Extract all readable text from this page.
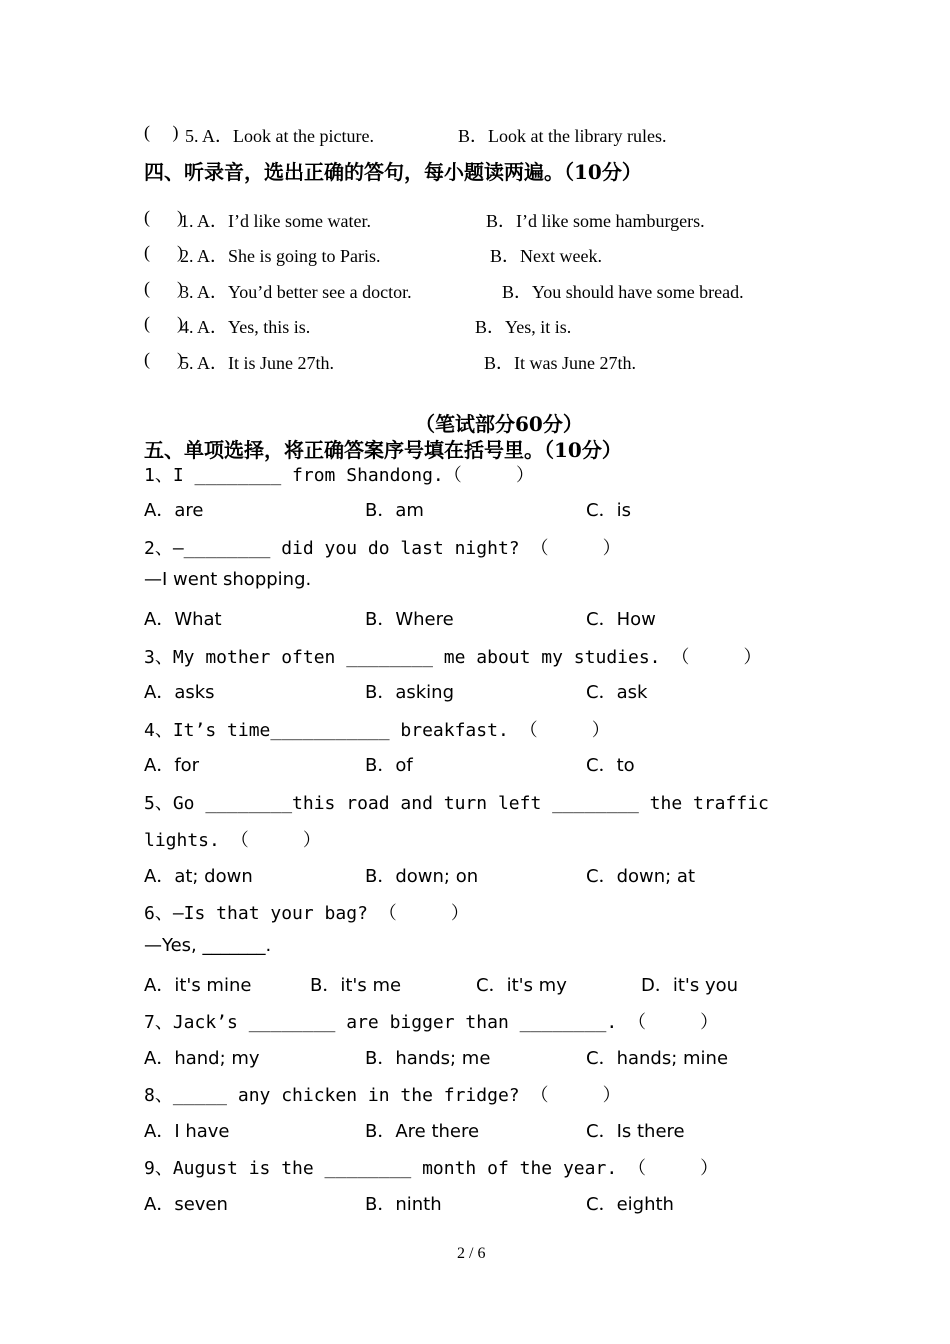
(     ) 5. A．Look at the picture.	B．Look at the library rules.
四、听录音，选出正确的答句，每小题读两遍。（10分）
(      )
1. A．I’d like some water.	B．I’d like some hamburgers.
(      )
2. A．She is going to Paris.	B．Next week.
(      )
3. A．You’d better see a doctor.	B．You should have some bread.
(      )
4. A．Yes, this is.	B．Yes, it is.
(      )
5. A．It is June 27th.	B．It was June 27th.
（笔试部分60分）
五、单项选择，将正确答案序号填在括号里。（10分）
1、I ________ from Shandong.（     ）
A．are	B．am	C．is
2、—________ did you do last night? （     ）
—I went shopping.
A．What	B．Where	C．How
3、My mother often ________ me about my studies. （     ）
A．asks	B．asking	C．ask
4、It’s time___________ breakfast. （     ）
A．for	B．of	C．to
5、Go ________this road and turn left ________ the traffic
lights. （     ）
A．at; down	B．down; on	C．down; at
6、—Is that your bag? （     ）
—Yes, _______.
A．it's mine	B．it's me	C．it's my	D．it's you
7、Jack’s ________ are bigger than ________. （     ）
A．hand; my	B．hands; me	C．hands; mine
8、_____ any chicken in the fridge? （     ）
A．I have	B．Are there	C．Is there
9、August is the ________ month of the year. （     ）
A．seven	B．ninth	C．eighth
2 / 6
